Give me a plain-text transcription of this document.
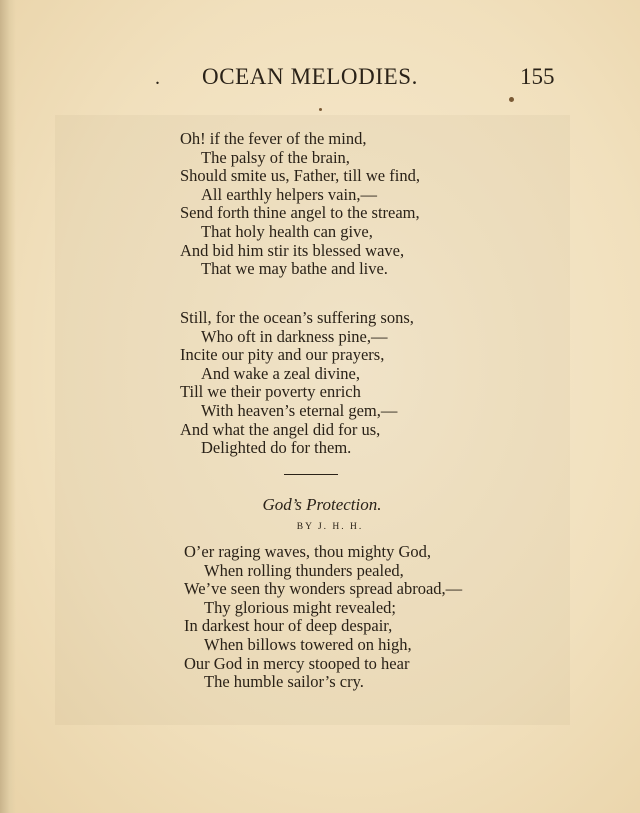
. OCEAN MELODIES.	155
Oh! if the fever of the mind,
The palsy of the brain,
Should smite us, Father, till we find,
All earthly helpers vain,—
Send forth thine angel to the stream,
That holy health can give,
And bid him stir its blessed wave,
That we may bathe and live.
Still, for the ocean’s suffering sons,
Who oft in darkness pine,—
Incite our pity and our prayers,
And wake a zeal divine,
Till we their poverty enrich
With heaven’s eternal gem,—
And what the angel did for us,
Delighted do for them.
God’s Protection.
BY J. H. H.
O’er raging waves, thou mighty God,
When rolling thunders pealed,
We’ve seen thy wonders spread abroad,—
Thy glorious might revealed;
In darkest hour of deep despair,
When billows towered on high,
Our God in mercy stooped to hear
The humble sailor’s cry.
